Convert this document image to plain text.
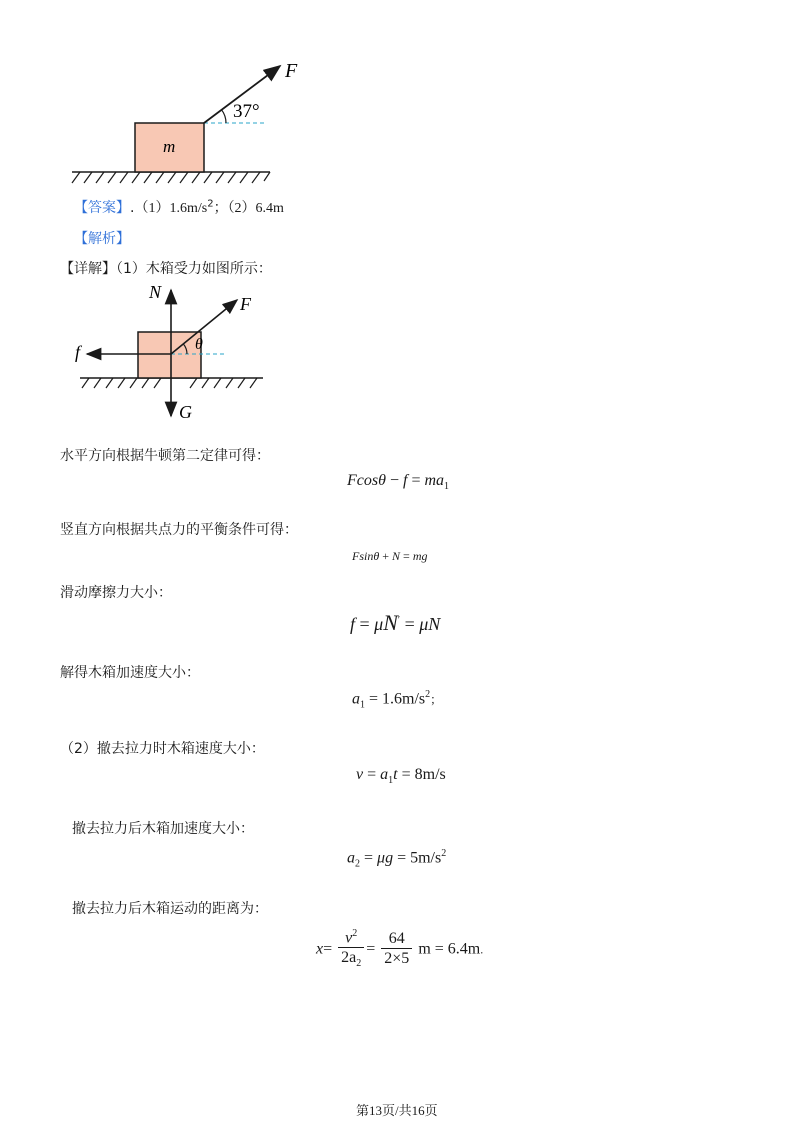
m
F
37°
【答案】$.(1)1.6m/s^2$；（2）6.4m
【解析】
【详解】（1）木箱受力如图所示：
N
F
f
G
θ
水平方向根据牛顿第二定律可得：
$Fcos\theta - f = ma_1$
竖直方向根据共点力的平衡条件可得：
Fsinθ + N = mg
滑动摩擦力大小：
f = μN′ = μN
解得木箱加速度大小：
$a_1 = 1.6m/s^2$；
（2）撤去拉力时木箱速度大小：
$v = a_1t = 8m/s$
撤去拉力后木箱加速度大小：
$a_2 = \mu g = 5m/s^2$
撤去拉力后木箱运动的距离为：
$x= \frac{v^2}{2a_2} = \frac{64}{2\times 5}$ m = 6.4m.
第13页/共16页
